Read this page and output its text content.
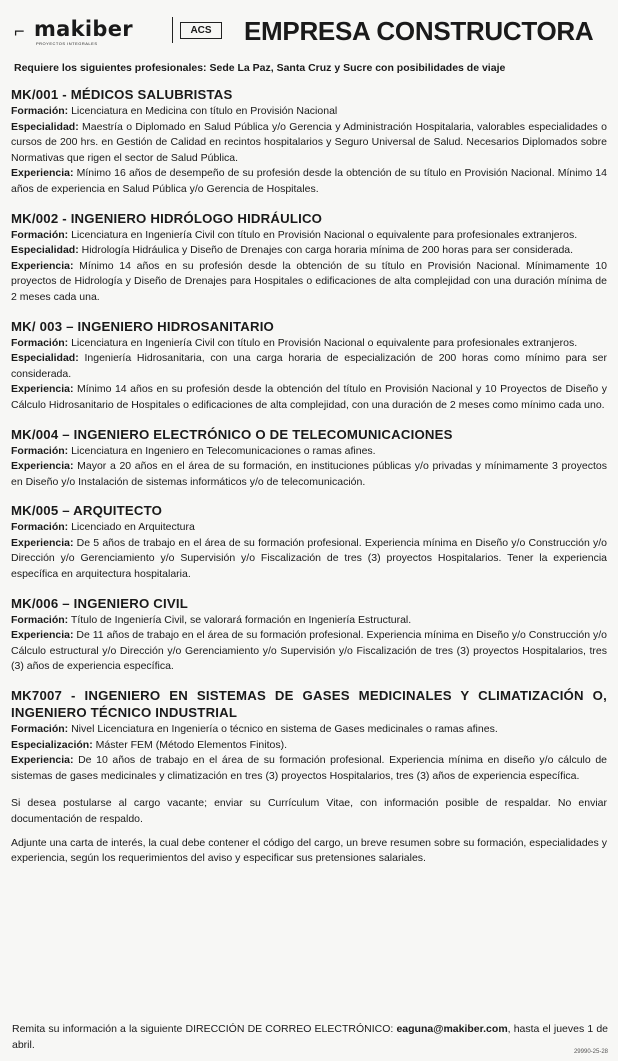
⌐ makiber
PROYECTOS INTEGRALES
ACS	EMPRESA CONSTRUCTORA
Requiere los siguientes profesionales: Sede La Paz, Santa Cruz y Sucre con posibilidades de viaje
MK/001 - MÉDICOS SALUBRISTAS

Formación: Licenciatura en Medicina con título en Provisión Nacional

Especialidad: Maestría o Diplomado en Salud Pública y/o Gerencia y Administración Hospitalaria, valorables especialidades o cursos de 200 hrs. en Gestión de Calidad en recintos hospitalarios y Seguro Universal de Salud. Necesarios Diplomados sobre Normativas que rigen el sector de Salud Pública.

Experiencia: Mínimo 16 años de desempeño de su profesión desde la obtención de su título en Provisión Nacional. Mínimo 14 años de experiencia en Salud Pública y/o Gerencia de Hospitales.

MK/002 - INGENIERO HIDRÓLOGO HIDRÁULICO

Formación: Licenciatura en Ingeniería Civil con título en Provisión Nacional o equivalente para profesionales extranjeros.

Especialidad: Hidrología Hidráulica y Diseño de Drenajes con carga horaria mínima de 200 horas para ser considerada.

Experiencia: Mínimo 14 años en su profesión desde la obtención de su título en Provisión Nacional. Mínimamente 10 proyectos de Hidrología y Diseño de Drenajes para Hospitales o edificaciones de alta complejidad con una duración mínima de 2 meses cada una.

MK/ 003 – INGENIERO HIDROSANITARIO

Formación: Licenciatura en Ingeniería Civil con título en Provisión Nacional o equivalente para profesionales extranjeros.

Especialidad: Ingeniería Hidrosanitaria, con una carga horaria de especialización de 200 horas como mínimo para ser considerada.

Experiencia: Mínimo 14 años en su profesión desde la obtención del título en Provisión Nacional y 10 Proyectos de Diseño y Cálculo Hidrosanitario de Hospitales o edificaciones de alta complejidad, con una duración de 2 meses como mínimo cada uno.

MK/004 – INGENIERO ELECTRÓNICO O DE TELECOMUNICACIONES

Formación: Licenciatura en Ingeniero en Telecomunicaciones o ramas afines.

Experiencia: Mayor a 20 años en el área de su formación, en instituciones públicas y/o privadas y mínimamente 3 proyectos en Diseño y/o Instalación de sistemas informáticos y/o de telecomunicación.

MK/005 – ARQUITECTO

Formación: Licenciado en Arquitectura

Experiencia: De 5 años de trabajo en el área de su formación profesional. Experiencia mínima en Diseño y/o Construcción y/o Dirección y/o Gerenciamiento y/o Supervisión y/o Fiscalización de tres (3) proyectos Hospitalarios. Tener la experiencia específica en arquitectura hospitalaria.

MK/006 – INGENIERO CIVIL

Formación: Título de Ingeniería Civil, se valorará formación en Ingeniería Estructural.

Experiencia: De 11 años de trabajo en el área de su formación profesional. Experiencia mínima en Diseño y/o Construcción y/o Cálculo estructural y/o Dirección y/o Gerenciamiento y/o Supervisión y/o Fiscalización de tres (3) proyectos Hospitalarios, tres (3) años de experiencia específica.

MK7007 - INGENIERO EN SISTEMAS DE GASES MEDICINALES Y CLIMATIZACIÓN O, INGENIERO TÉCNICO INDUSTRIAL

Formación: Nivel Licenciatura en Ingeniería o técnico en sistema de Gases medicinales o ramas afines.

Especialización: Máster FEM (Método Elementos Finitos).

Experiencia: De 10 años de trabajo en el área de su formación profesional. Experiencia mínima en diseño y/o cálculo de sistemas de gases medicinales y climatización en tres (3) proyectos Hospitalarios, tres (3) años de experiencia específica.

Si desea postularse al cargo vacante; enviar su Currículum Vitae, con información posible de respaldar. No enviar documentación de respaldo.

Adjunte una carta de interés, la cual debe contener el código del cargo, un breve resumen sobre su formación, especialidades y experiencia, según los requerimientos del aviso y especificar sus pretensiones salariales.

Remita su información a la siguiente DIRECCIÓN DE CORREO ELECTRÓNICO: eaguna@makiber.com, hasta el jueves 1 de abril.
29990-25-28
